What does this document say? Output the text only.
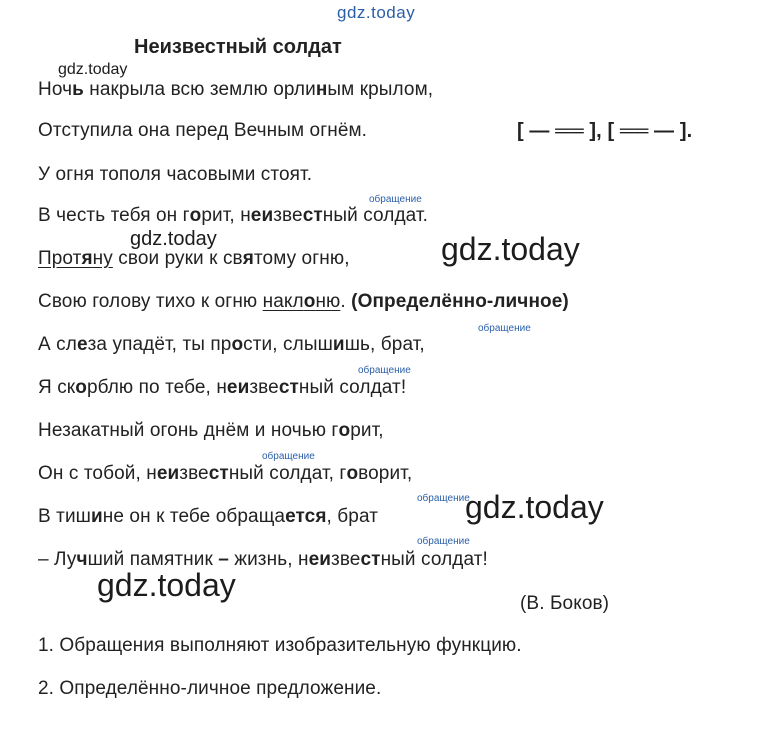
gdz.today
Неизвестный солдат
gdz.today
Ночь накрыла всю землю орлиным крылом,
Отступила она перед Вечным огнём.	[ — ══ ], [ ══ — ].
У огня тополя часовыми стоят.
обращение
В честь тебя он горит, неизвестный солдат.
gdz.today	gdz.today
Протяну свои руки к святому огню,
Свою голову тихо к огню наклоню. (Определённо-личное)
обращение
А слеза упадёт, ты прости, слышишь, брат,
обращение
Я скорблю по тебе, неизвестный солдат!
Незакатный огонь днём и ночью горит,
обращение
Он с тобой, неизвестный солдат, говорит,
обращение
В тишине он к тебе обращается, брат	gdz.today
обращение
– Лучший памятник – жизнь, неизвестный солдат!
gdz.today
(В. Боков)
1. Обращения выполняют изобразительную функцию.
2. Определённо-личное предложение.
